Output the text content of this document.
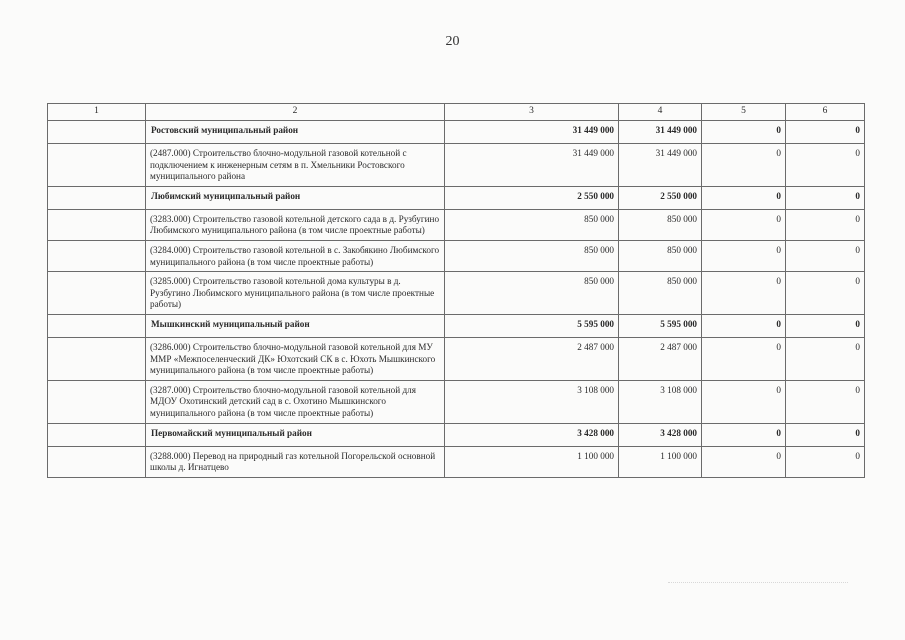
20
1	2	3	4	5	6
	Ростовский муниципальный район	31 449 000	31 449 000	0	0
	(2487.000) Строительство блочно-модульной газовой котельной с подключением к инженерным сетям в п. Хмельники Ростовского муниципального района	31 449 000	31 449 000	0	0
	Любимский муниципальный район	2 550 000	2 550 000	0	0
	(3283.000) Строительство газовой котельной детского сада в д. Рузбугино Любимского муниципального района (в том числе проектные работы)	850 000	850 000	0	0
	(3284.000) Строительство газовой котельной в с. Закобякино Любимского муниципального района (в том числе проектные работы)	850 000	850 000	0	0
	(3285.000) Строительство газовой котельной дома культуры в д. Рузбугино Любимского муниципального района (в том числе проектные работы)	850 000	850 000	0	0
	Мышкинский муниципальный район	5 595 000	5 595 000	0	0
	(3286.000) Строительство блочно-модульной газовой котельной для МУ ММР «Межпоселенческий ДК» Юхотский СК в с. Юхоть Мышкинского муниципального района (в том числе проектные работы)	2 487 000	2 487 000	0	0
	(3287.000) Строительство блочно-модульной газовой котельной для МДОУ Охотинский детский сад в с. Охотино Мышкинского муниципального района (в том числе проектные работы)	3 108 000	3 108 000	0	0
	Первомайский муниципальный район	3 428 000	3 428 000	0	0
	(3288.000) Перевод на природный газ котельной Погорельской основной школы д. Игнатцево	1 100 000	1 100 000	0	0
